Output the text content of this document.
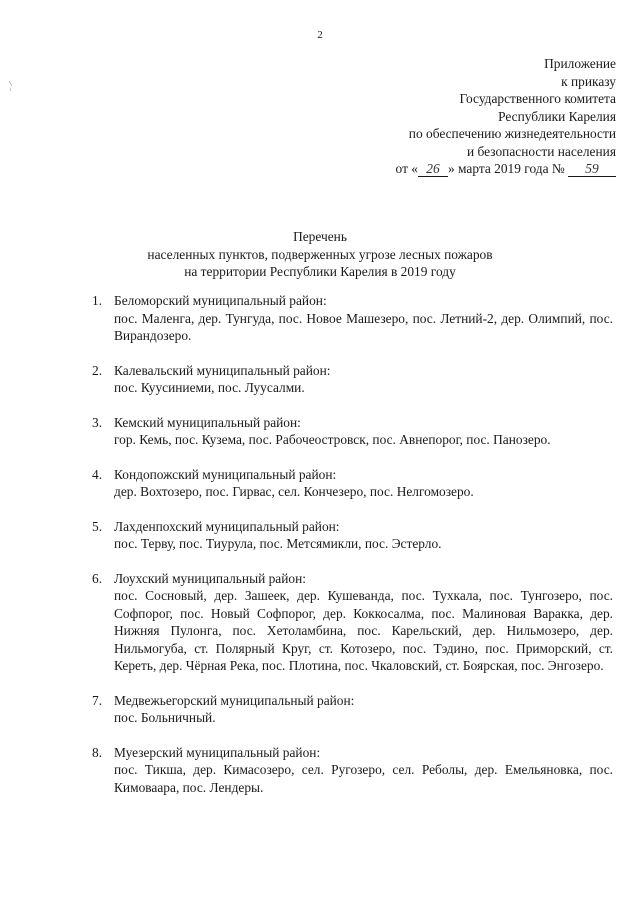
2
Приложение
к приказу
Государственного комитета
Республики Карелия
по обеспечению жизнедеятельности
и безопасности населения
от « 26 » марта 2019 года № 59
Перечень
населенных пунктов, подверженных угрозе лесных пожаров
на территории Республики Карелия в 2019 году
1. Беломорский муниципальный район:
пос. Маленга, дер. Тунгуда, пос. Новое Машезеро, пос. Летний-2, дер. Олимпий, пос. Вирандозеро.
2. Калевальский муниципальный район:
пос. Куусиниеми, пос. Луусалми.
3. Кемский муниципальный район:
гор. Кемь, пос. Кузема, пос. Рабочеостровск, пос. Авнепорог, пос. Панозеро.
4. Кондопожский муниципальный район:
дер. Вохтозеро, пос. Гирвас, сел. Кончезеро, пос. Нелгомозеро.
5. Лахденпохский муниципальный район:
пос. Терву, пос. Тиурула, пос. Метсямикли, пос. Эстерло.
6. Лоухский муниципальный район:
пос. Сосновый, дер. Зашеек, дер. Кушеванда, пос. Тухкала, пос. Тунгозеро, пос. Софпорог, пос. Новый Софпорог, дер. Коккосалма, пос. Малиновая Варакка, дер. Нижняя Пулонга, пос. Хетоламбина, пос. Карельский, дер. Нильмозеро, дер. Нильмогуба, ст. Полярный Круг, ст. Котозеро, пос. Тэдино, пос. Приморский, ст. Кереть, дер. Чёрная Река, пос. Плотина, пос. Чкаловский, ст. Боярская, пос. Энгозеро.
7. Медвежьегорский муниципальный район:
пос. Больничный.
8. Муезерский муниципальный район:
пос. Тикша, дер. Кимасозеро, сел. Ругозеро, сел. Реболы, дер. Емельяновка, пос. Кимоваара, пос. Лендеры.
